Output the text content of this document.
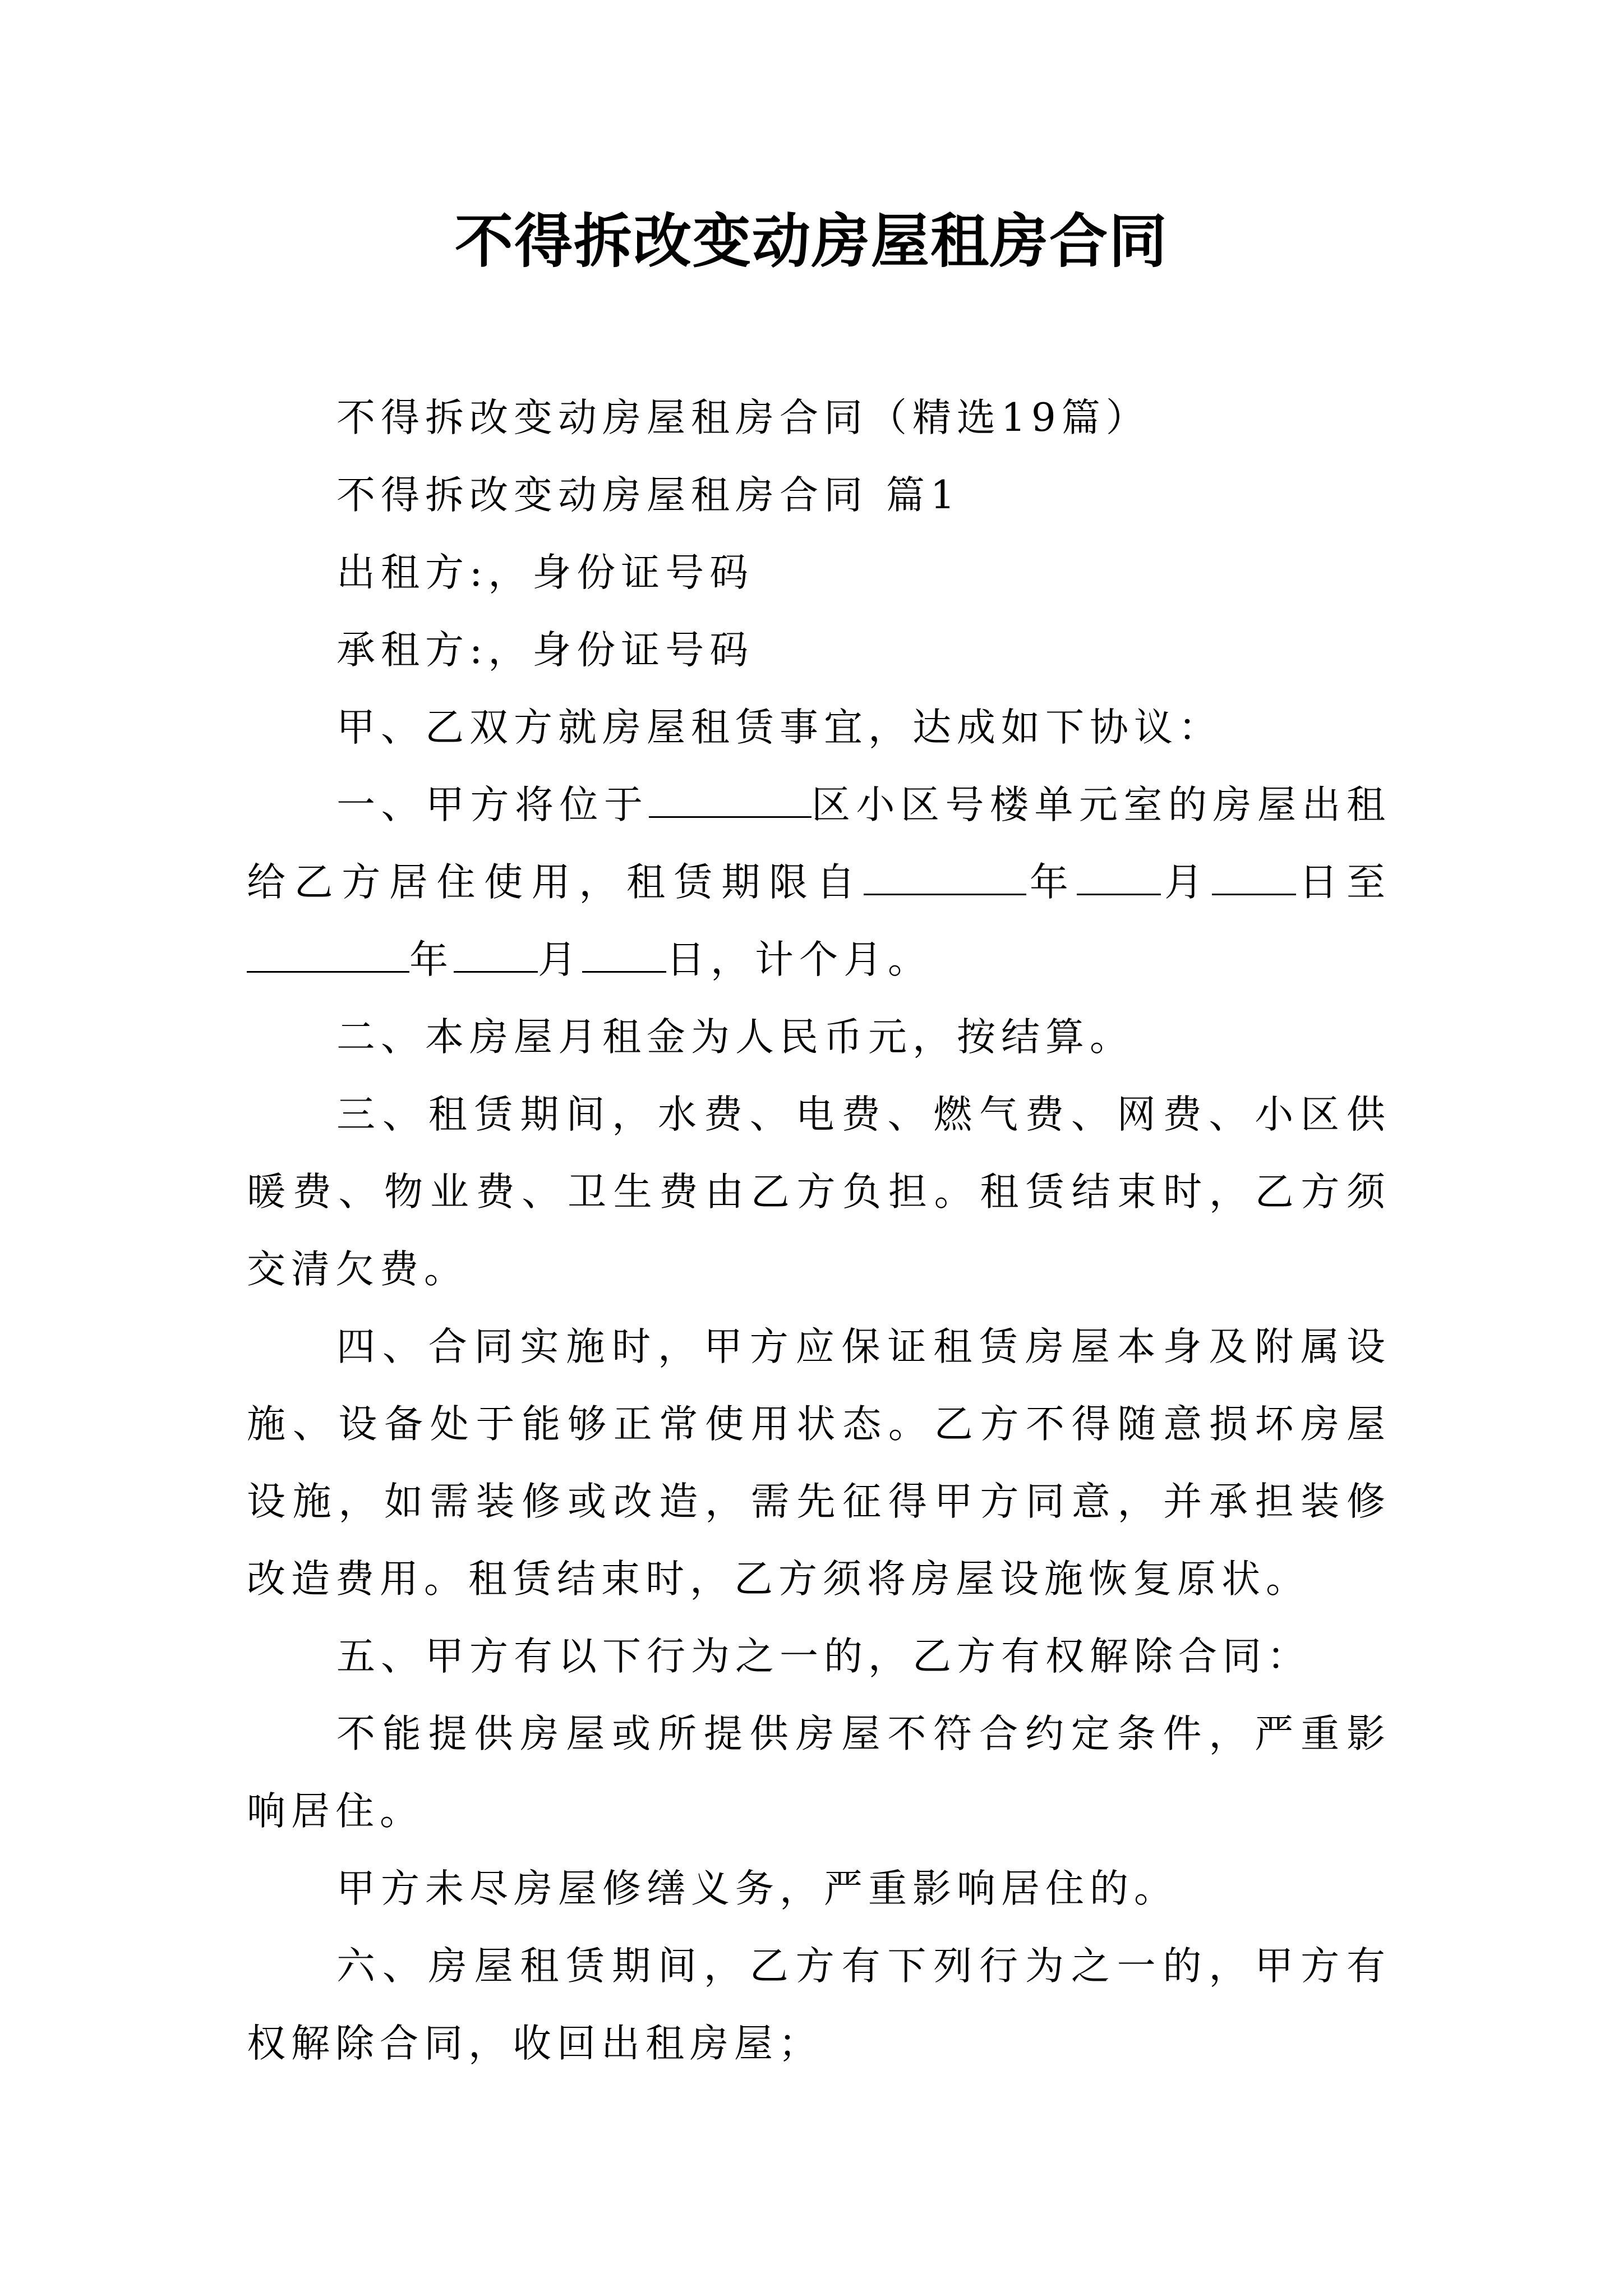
不得拆改变动房屋租房合同

不得拆改变动房屋租房合同（精选19篇）

不得拆改变动房屋租房合同 篇1

出租方:，身份证号码

承租方:，身份证号码

甲、乙双方就房屋租赁事宜，达成如下协议：

一、甲方将位于	区小区号楼单元室的房屋出租给乙方居住使用，租赁期限自	年 月 日至年 月 日，计个月。

二、本房屋月租金为人民币元，按结算。

三、租赁期间，水费、电费、燃气费、网费、小区供暖费、物业费、卫生费由乙方负担。租赁结束时，乙方须交清欠费。

四、合同实施时，甲方应保证租赁房屋本身及附属设施、设备处于能够正常使用状态。乙方不得随意损坏房屋设施，如需装修或改造，需先征得甲方同意，并承担装修改造费用。租赁结束时，乙方须将房屋设施恢复原状。

五、甲方有以下行为之一的，乙方有权解除合同：

不能提供房屋或所提供房屋不符合约定条件，严重影响居住。

甲方未尽房屋修缮义务，严重影响居住的。

六、房屋租赁期间，乙方有下列行为之一的，甲方有权解除合同，收回出租房屋；
